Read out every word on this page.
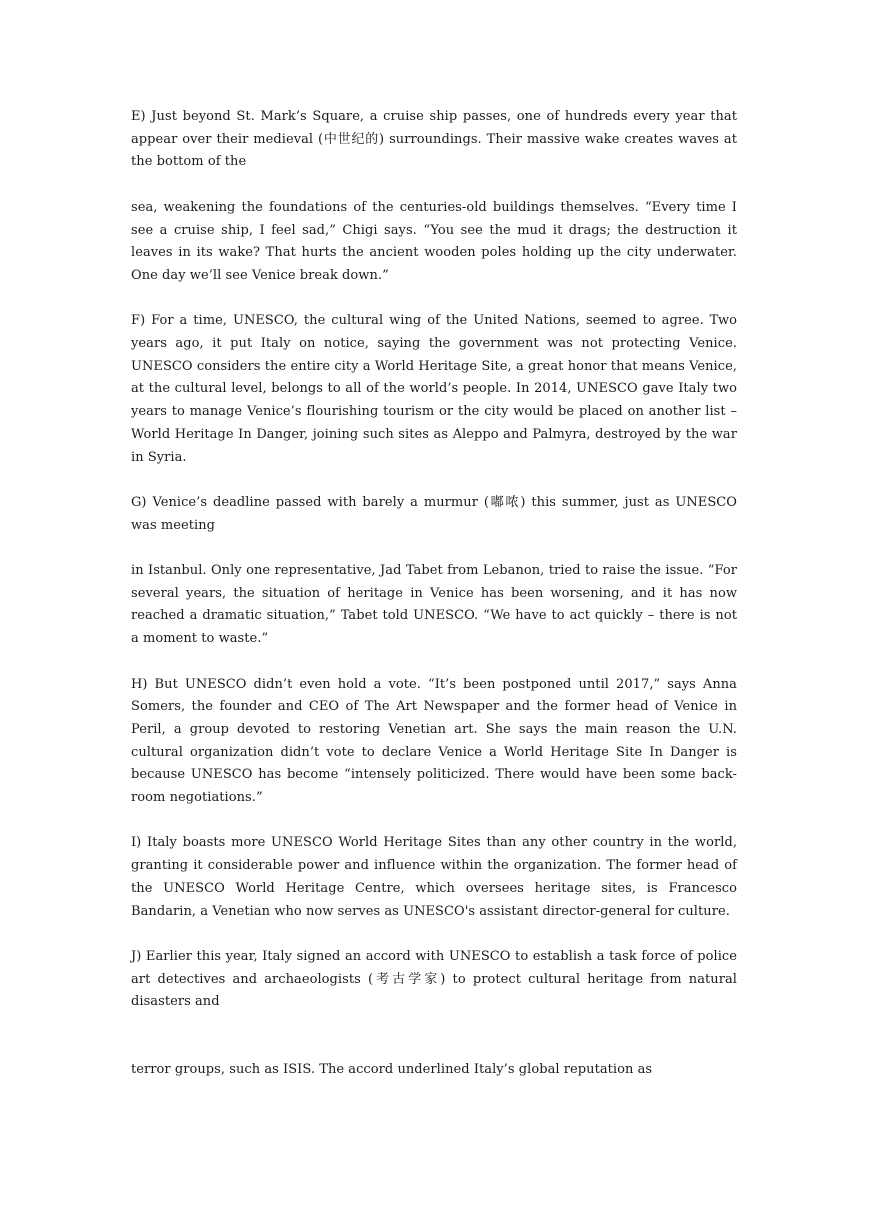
E) Just beyond St. Mark’s Square, a cruise ship passes, one of hundreds every year that appear over their medieval (中世纪的) surroundings. Their massive wake creates waves at the bottom of the

sea, weakening the foundations of the centuries-old buildings themselves. “Every time I see a cruise ship, I feel sad,” Chigi says. “You see the mud it drags; the destruction it leaves in its wake? That hurts the ancient wooden poles holding up the city underwater. One day we’ll see Venice break down.”

F) For a time, UNESCO, the cultural wing of the United Nations, seemed to agree. Two years ago, it put Italy on notice, saying the government was not protecting Venice. UNESCO considers the entire city a World Heritage Site, a great honor that means Venice, at the cultural level, belongs to all of the world’s people. In 2014, UNESCO gave Italy two years to manage Venice’s flourishing tourism or the city would be placed on another list – World Heritage In Danger, joining such sites as Aleppo and Palmyra, destroyed by the war in Syria.

G) Venice’s deadline passed with barely a murmur (嘟哝) this summer, just as UNESCO was meeting

in Istanbul. Only one representative, Jad Tabet from Lebanon, tried to raise the issue. “For several years, the situation of heritage in Venice has been worsening, and it has now reached a dramatic situation,” Tabet told UNESCO. “We have to act quickly – there is not a moment to waste.”

H) But UNESCO didn’t even hold a vote. “It’s been postponed until 2017,” says Anna Somers, the founder and CEO of The Art Newspaper and the former head of Venice in Peril, a group devoted to restoring Venetian art. She says the main reason the U.N. cultural organization didn’t vote to declare Venice a World Heritage Site In Danger is because UNESCO has become “intensely politicized. There would have been some back-room negotiations.”

I) Italy boasts more UNESCO World Heritage Sites than any other country in the world, granting it considerable power and influence within the organization. The former head of the UNESCO World Heritage Centre, which oversees heritage sites, is Francesco Bandarin, a Venetian who now serves as UNESCO's assistant director-general for culture.

J) Earlier this year, Italy signed an accord with UNESCO to establish a task force of police art detectives and archaeologists (考古学家) to protect cultural heritage from natural disasters and

terror groups, such as ISIS. The accord underlined Italy’s global reputation as
